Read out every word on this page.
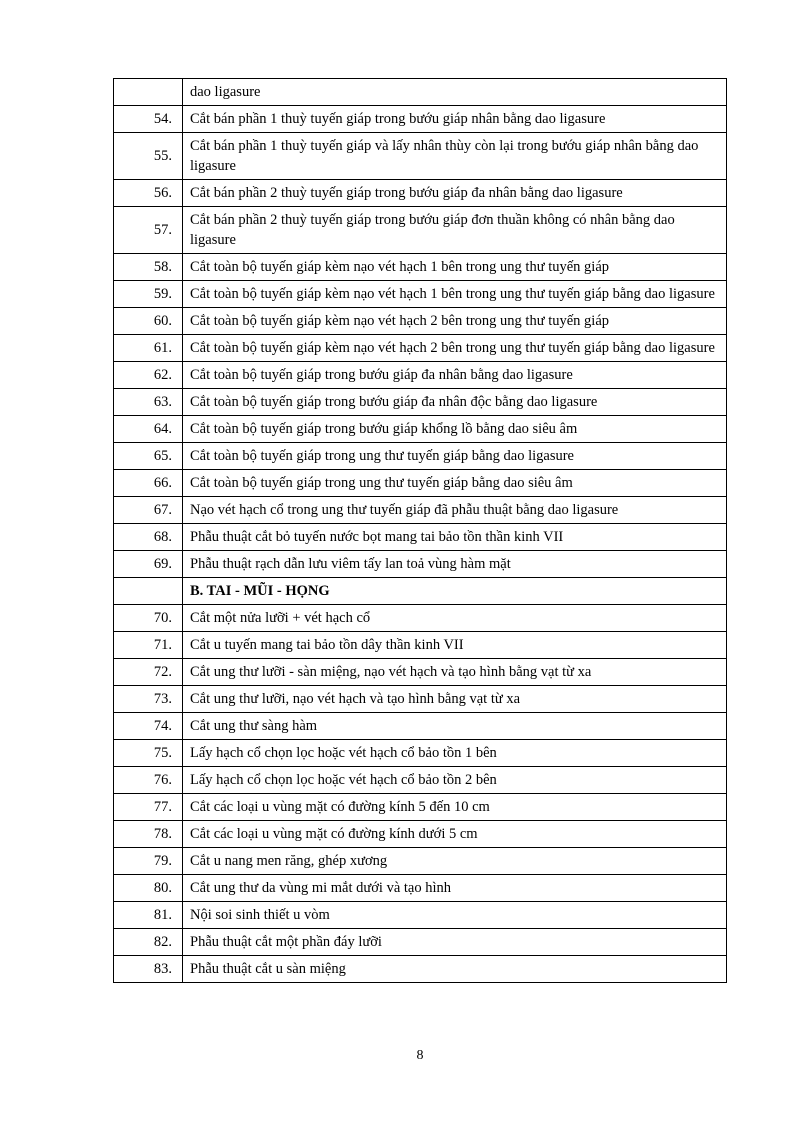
	dao ligasure
54.	Cắt bán phần 1 thuỳ tuyến giáp trong bướu giáp nhân bằng dao ligasure
55.	Cắt bán phần 1 thuỳ tuyến giáp và lấy nhân thùy còn lại trong bướu giáp nhân bằng dao ligasure
56.	Cắt bán phần 2 thuỳ tuyến giáp trong bướu giáp đa nhân bằng dao ligasure
57.	Cắt bán phần 2 thuỳ tuyến giáp trong bướu giáp đơn thuần không có nhân bằng dao ligasure
58.	Cắt toàn bộ tuyến giáp kèm nạo vét hạch 1 bên trong ung thư tuyến giáp
59.	Cắt toàn bộ tuyến giáp kèm nạo vét hạch 1 bên trong ung thư tuyến giáp bằng dao ligasure
60.	Cắt toàn bộ tuyến giáp kèm nạo vét hạch 2 bên trong ung thư tuyến giáp
61.	Cắt toàn bộ tuyến giáp kèm nạo vét hạch 2 bên trong ung thư tuyến giáp bằng dao ligasure
62.	Cắt toàn bộ tuyến giáp trong bướu giáp đa nhân bằng dao ligasure
63.	Cắt toàn bộ tuyến giáp trong bướu giáp đa nhân độc bằng dao ligasure
64.	Cắt toàn bộ tuyến giáp trong bướu giáp khổng lồ bằng dao siêu âm
65.	Cắt toàn bộ tuyến giáp trong ung thư tuyến giáp bằng dao ligasure
66.	Cắt toàn bộ tuyến giáp trong ung thư tuyến giáp bằng dao siêu âm
67.	Nạo vét hạch cổ trong ung thư tuyến giáp đã phẫu thuật bằng dao ligasure
68.	Phẫu thuật cắt bỏ tuyến nước bọt mang tai bảo tồn thần kinh VII
69.	Phẫu thuật rạch dẫn lưu viêm tấy lan toả vùng hàm mặt
	B. TAI - MŨI - HỌNG
70.	Cắt một nửa lưỡi + vét hạch cổ
71.	Cắt u tuyến mang tai bảo tồn dây thần kinh VII
72.	Cắt ung thư lưỡi - sàn miệng, nạo vét hạch và tạo hình bằng vạt từ xa
73.	Cắt ung thư lưỡi, nạo vét hạch và tạo hình bằng vạt từ xa
74.	Cắt ung thư sàng hàm
75.	Lấy hạch cổ chọn lọc hoặc vét hạch cổ bảo tồn 1 bên
76.	Lấy hạch cổ chọn lọc hoặc vét hạch cổ bảo tồn 2 bên
77.	Cắt các loại u vùng mặt có đường kính 5 đến 10 cm
78.	Cắt các loại u vùng mặt có đường kính dưới 5 cm
79.	Cắt u nang men răng, ghép xương
80.	Cắt ung thư da vùng mi mắt dưới và tạo hình
81.	Nội soi sinh thiết u vòm
82.	Phẫu thuật cắt một phần đáy lưỡi
83.	Phẫu thuật cắt u sàn miệng
8
